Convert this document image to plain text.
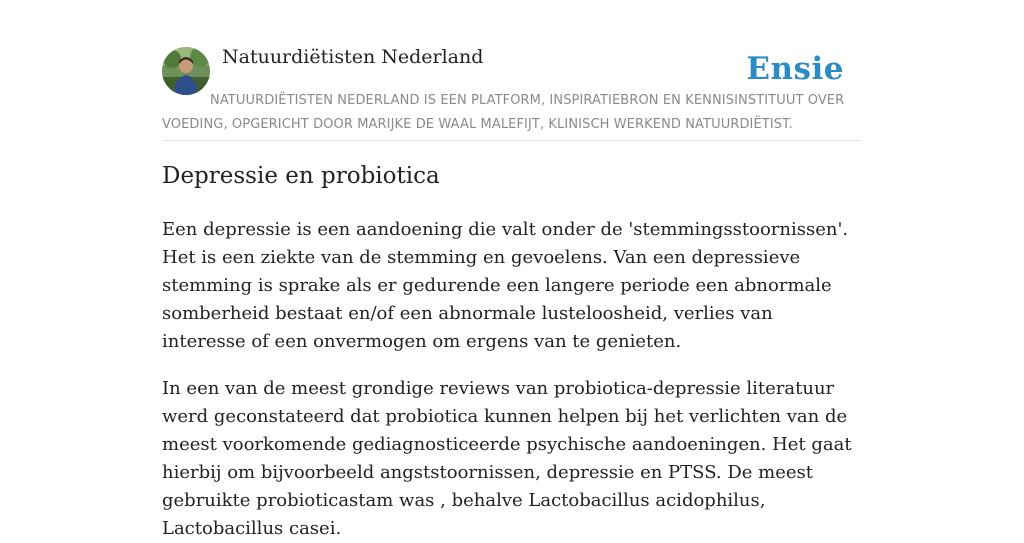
Natuurdiëtisten Nederland	Ensie
NATUURDIËTISTEN NEDERLAND IS EEN PLATFORM, INSPIRATIEBRON EN KENNISINSTITUUT OVER VOEDING, OPGERICHT DOOR MARIJKE DE WAAL MALEFIJT, KLINISCH WERKEND NATUURDIËTIST.
Depressie en probiotica

Een depressie is een aandoening die valt onder de 'stemmingsstoornissen'. Het is een ziekte van de stemming en gevoelens. Van een depressieve stemming is sprake als er gedurende een langere periode een abnormale somberheid bestaat en/of een abnormale lusteloosheid, verlies van interesse of een onvermogen om ergens van te genieten.

In een van de meest grondige reviews van probiotica-depressie literatuur werd geconstateerd dat probiotica kunnen helpen bij het verlichten van de meest voorkomende gediagnosticeerde psychische aandoeningen. Het gaat hierbij om bijvoorbeeld angststoornissen, depressie en PTSS. De meest gebruikte probioticastam was , behalve Lactobacillus acidophilus, Lactobacillus casei.
